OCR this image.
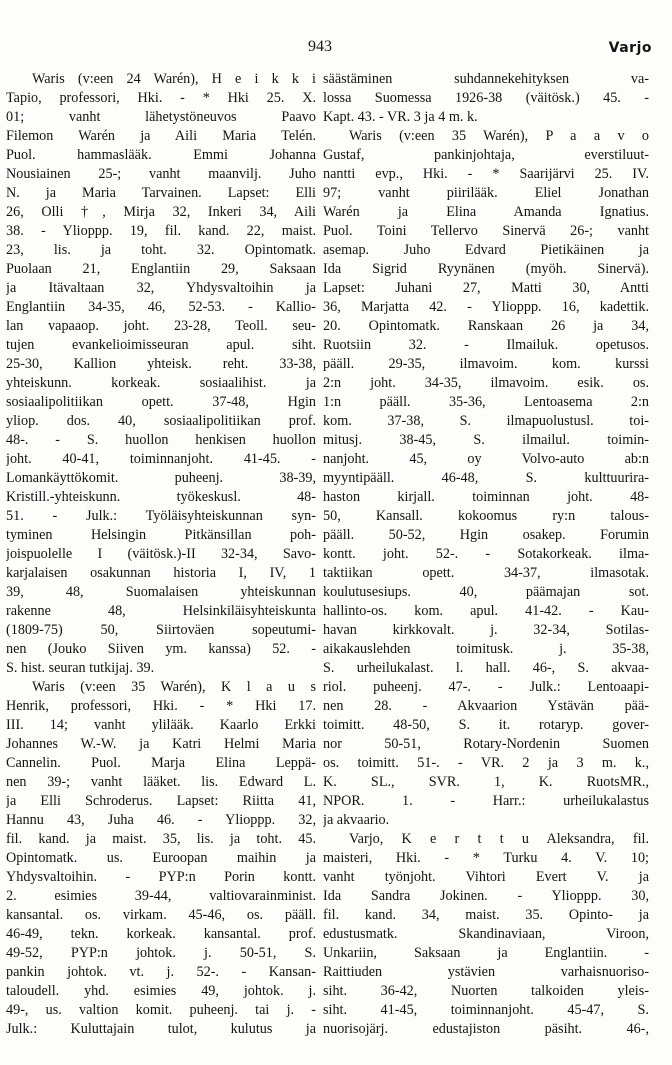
943	Varjo
Waris (v:een 24 Warén), H e i k k i
Tapio, professori, Hki. - * Hki 25. X.
01; vanht lähetystöneuvos Paavo
Filemon Warén ja Aili Maria Telén.
Puol. hammaslääk. Emmi Johanna
Nousiainen 25-; vanht maanvilj. Juho
N. ja Maria Tarvainen. Lapset: Elli
26, Olli †, Mirja 32, Inkeri 34, Aili
38. - Ylioppp. 19, fil. kand. 22, maist.
23, lis. ja toht. 32. Opintomatk.
Puolaan 21, Englantiin 29, Saksaan
ja Itävaltaan 32, Yhdysvaltoihin ja
Englantiin 34-35, 46, 52-53. - Kallio-
lan vapaaop. joht. 23-28, Teoll. seu-
tujen evankelioimisseuran apul. siht.
25-30, Kallion yhteisk. reht. 33-38,
yhteiskunn. korkeak. sosiaalihist. ja
sosiaalipolitiikan opett. 37-48, Hgin
yliop. dos. 40, sosiaalipolitiikan prof.
48-. - S. huollon henkisen huollon
joht. 40-41, toiminnanjoht. 41-45. -
Lomankäyttökomit. puheenj. 38-39,
Kristill.-yhteiskunn. työkeskusl. 48-
51. - Julk.: Työläisyhteiskunnan syn-
tyminen Helsingin Pitkänsillan poh-
joispuolelle I (väitösk.)-II 32-34, Savo-
karjalaisen osakunnan historia I, IV, 1
39, 48, Suomalaisen yhteiskunnan
rakenne 48, Helsinkiläisyhteiskunta
(1809-75) 50, Siirtoväen sopeutumi-
nen (Jouko Siiven ym. kanssa) 52. -
S. hist. seuran tutkijaj. 39.
Waris (v:een 35 Warén), K l a u s
Henrik, professori, Hki. - * Hki 17.
III. 14; vanht ylilääk. Kaarlo Erkki
Johannes W.-W. ja Katri Helmi Maria
Cannelin. Puol. Marja Elina Leppä-
nen 39-; vanht lääket. lis. Edward L.
ja Elli Schroderus. Lapset: Riitta 41,
Hannu 43, Juha 46. - Ylioppp. 32,
fil. kand. ja maist. 35, lis. ja toht. 45.
Opintomatk. us. Euroopan maihin ja
Yhdysvaltoihin. - PYP:n Porin kontt.
2. esimies 39-44, valtiovarainminist.
kansantal. os. virkam. 45-46, os. pääll.
46-49, tekn. korkeak. kansantal. prof.
49-52, PYP:n johtok. j. 50-51, S.
pankin johtok. vt. j. 52-. - Kansan-
taloudell. yhd. esimies 49, johtok. j.
49-, us. valtion komit. puheenj. tai j. -
Julk.: Kuluttajain tulot, kulutus ja
säästäminen suhdannekehityksen va-
lossa Suomessa 1926-38 (väitösk.) 45. -
Kapt. 43. - VR. 3 ja 4 m. k.
Waris (v:een 35 Warén), P a a v o
Gustaf, pankinjohtaja, everstiluut-
nantti evp., Hki. - * Saarijärvi 25. IV.
97; vanht piirilääk. Eliel Jonathan
Warén ja Elina Amanda Ignatius.
Puol. Toini Tellervo Sinervä 26-; vanht
asemap. Juho Edvard Pietikäinen ja
Ida Sigrid Ryynänen (myöh. Sinervä).
Lapset: Juhani 27, Matti 30, Antti
36, Marjatta 42. - Ylioppp. 16, kadettik.
20. Opintomatk. Ranskaan 26 ja 34,
Ruotsiin 32. - Ilmailuk. opetusos.
pääll. 29-35, ilmavoim. kom. kurssi
2:n joht. 34-35, ilmavoim. esik. os.
1:n pääll. 35-36, Lentoasema 2:n
kom. 37-38, S. ilmapuolustusl. toi-
mitusj. 38-45, S. ilmailul. toimin-
nanjoht. 45, oy Volvo-auto ab:n
myyntipääll. 46-48, S. kulttuurira-
haston kirjall. toiminnan joht. 48-
50, Kansall. kokoomus ry:n talous-
pääll. 50-52, Hgin osakep. Forumin
kontt. joht. 52-. - Sotakorkeak. ilma-
taktiikan opett. 34-37, ilmasotak.
koulutusesiups. 40, päämajan sot.
hallinto-os. kom. apul. 41-42. - Kau-
havan kirkkovalt. j. 32-34, Sotilas-
aikakauslehden toimitusk. j. 35-38,
S. urheilukalast. l. hall. 46-, S. akvaa-
riol. puheenj. 47-. - Julk.: Lentoaapi-
nen 28. - Akvaarion Ystävän pää-
toimitt. 48-50, S. it. rotaryp. gover-
nor 50-51, Rotary-Nordenin Suomen
os. toimitt. 51-. - VR. 2 ja 3 m. k.,
K. SL., SVR. 1, K. RuotsMR.,
NPOR. 1. - Harr.: urheilukalastus
ja akvaario.
Varjo, K e r t t u Aleksandra, fil.
maisteri, Hki. - * Turku 4. V. 10;
vanht työnjoht. Vihtori Evert V. ja
Ida Sandra Jokinen. - Ylioppp. 30,
fil. kand. 34, maist. 35. Opinto- ja
edustusmatk. Skandinaviaan, Viroon,
Unkariin, Saksaan ja Englantiin. -
Raittiuden ystävien varhaisnuoriso-
siht. 36-42, Nuorten talkoiden yleis-
siht. 41-45, toiminnanjoht. 45-47, S.
nuorisojärj. edustajiston päsiht. 46-,
